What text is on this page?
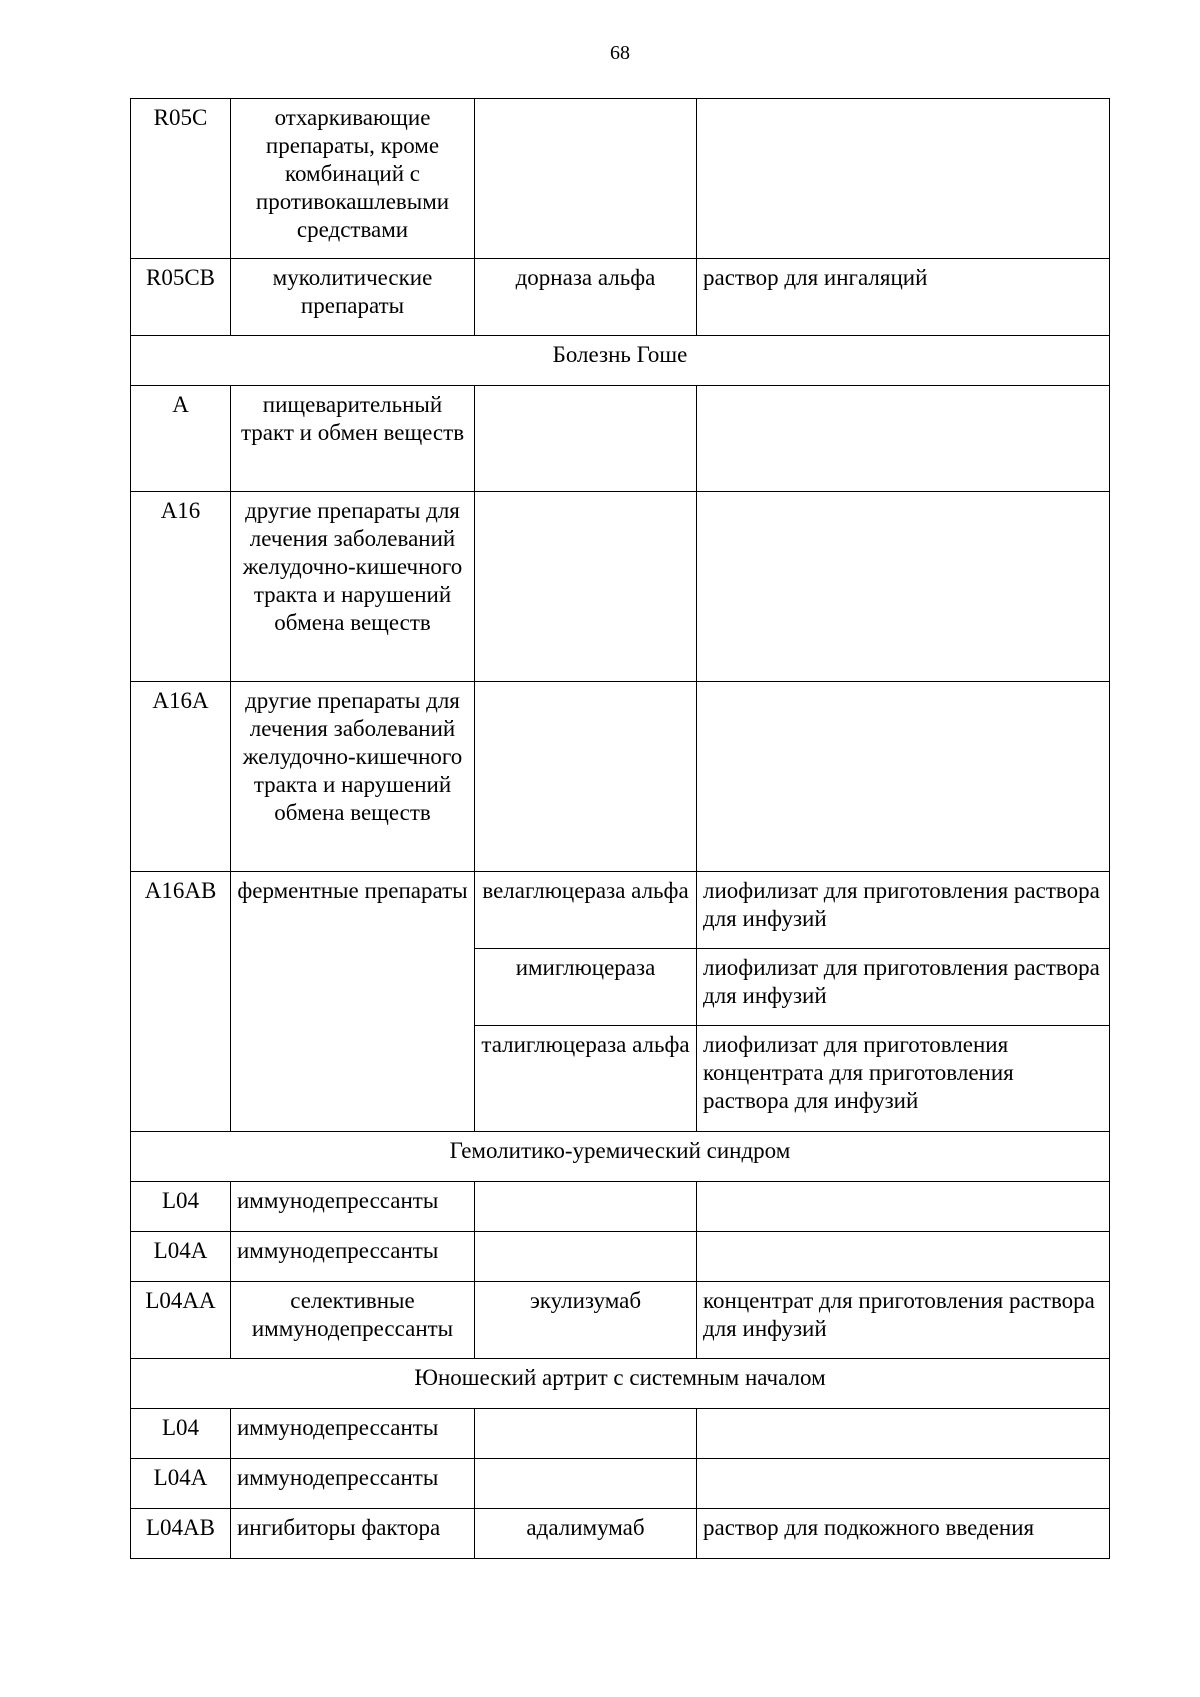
68
R05C	отхаркивающие препараты, кроме комбинаций с противокашлевыми средствами		
R05CB	муколитические препараты	дорназа альфа	раствор для ингаляций
Болезнь Гоше			
A	пищеварительный тракт и обмен веществ		
A16	другие препараты для лечения заболеваний желудочно-кишечного тракта и нарушений обмена веществ		
A16A	другие препараты для лечения заболеваний желудочно-кишечного тракта и нарушений обмена веществ		
A16AB	ферментные препараты	велаглюцераза альфа	лиофилизат для приготовления раствора для инфузий
		имиглюцераза	лиофилизат для приготовления раствора для инфузий
		талиглюцераза альфа	лиофилизат для приготовления концентрата для приготовления раствора для инфузий
Гемолитико-уремический синдром			
L04	иммунодепрессанты		
L04A	иммунодепрессанты		
L04AA	селективные иммунодепрессанты	экулизумаб	концентрат для приготовления раствора для инфузий
Юношеский артрит с системным началом			
L04	иммунодепрессанты		
L04A	иммунодепрессанты		
L04AB	ингибиторы фактора	адалимумаб	раствор для подкожного введения
